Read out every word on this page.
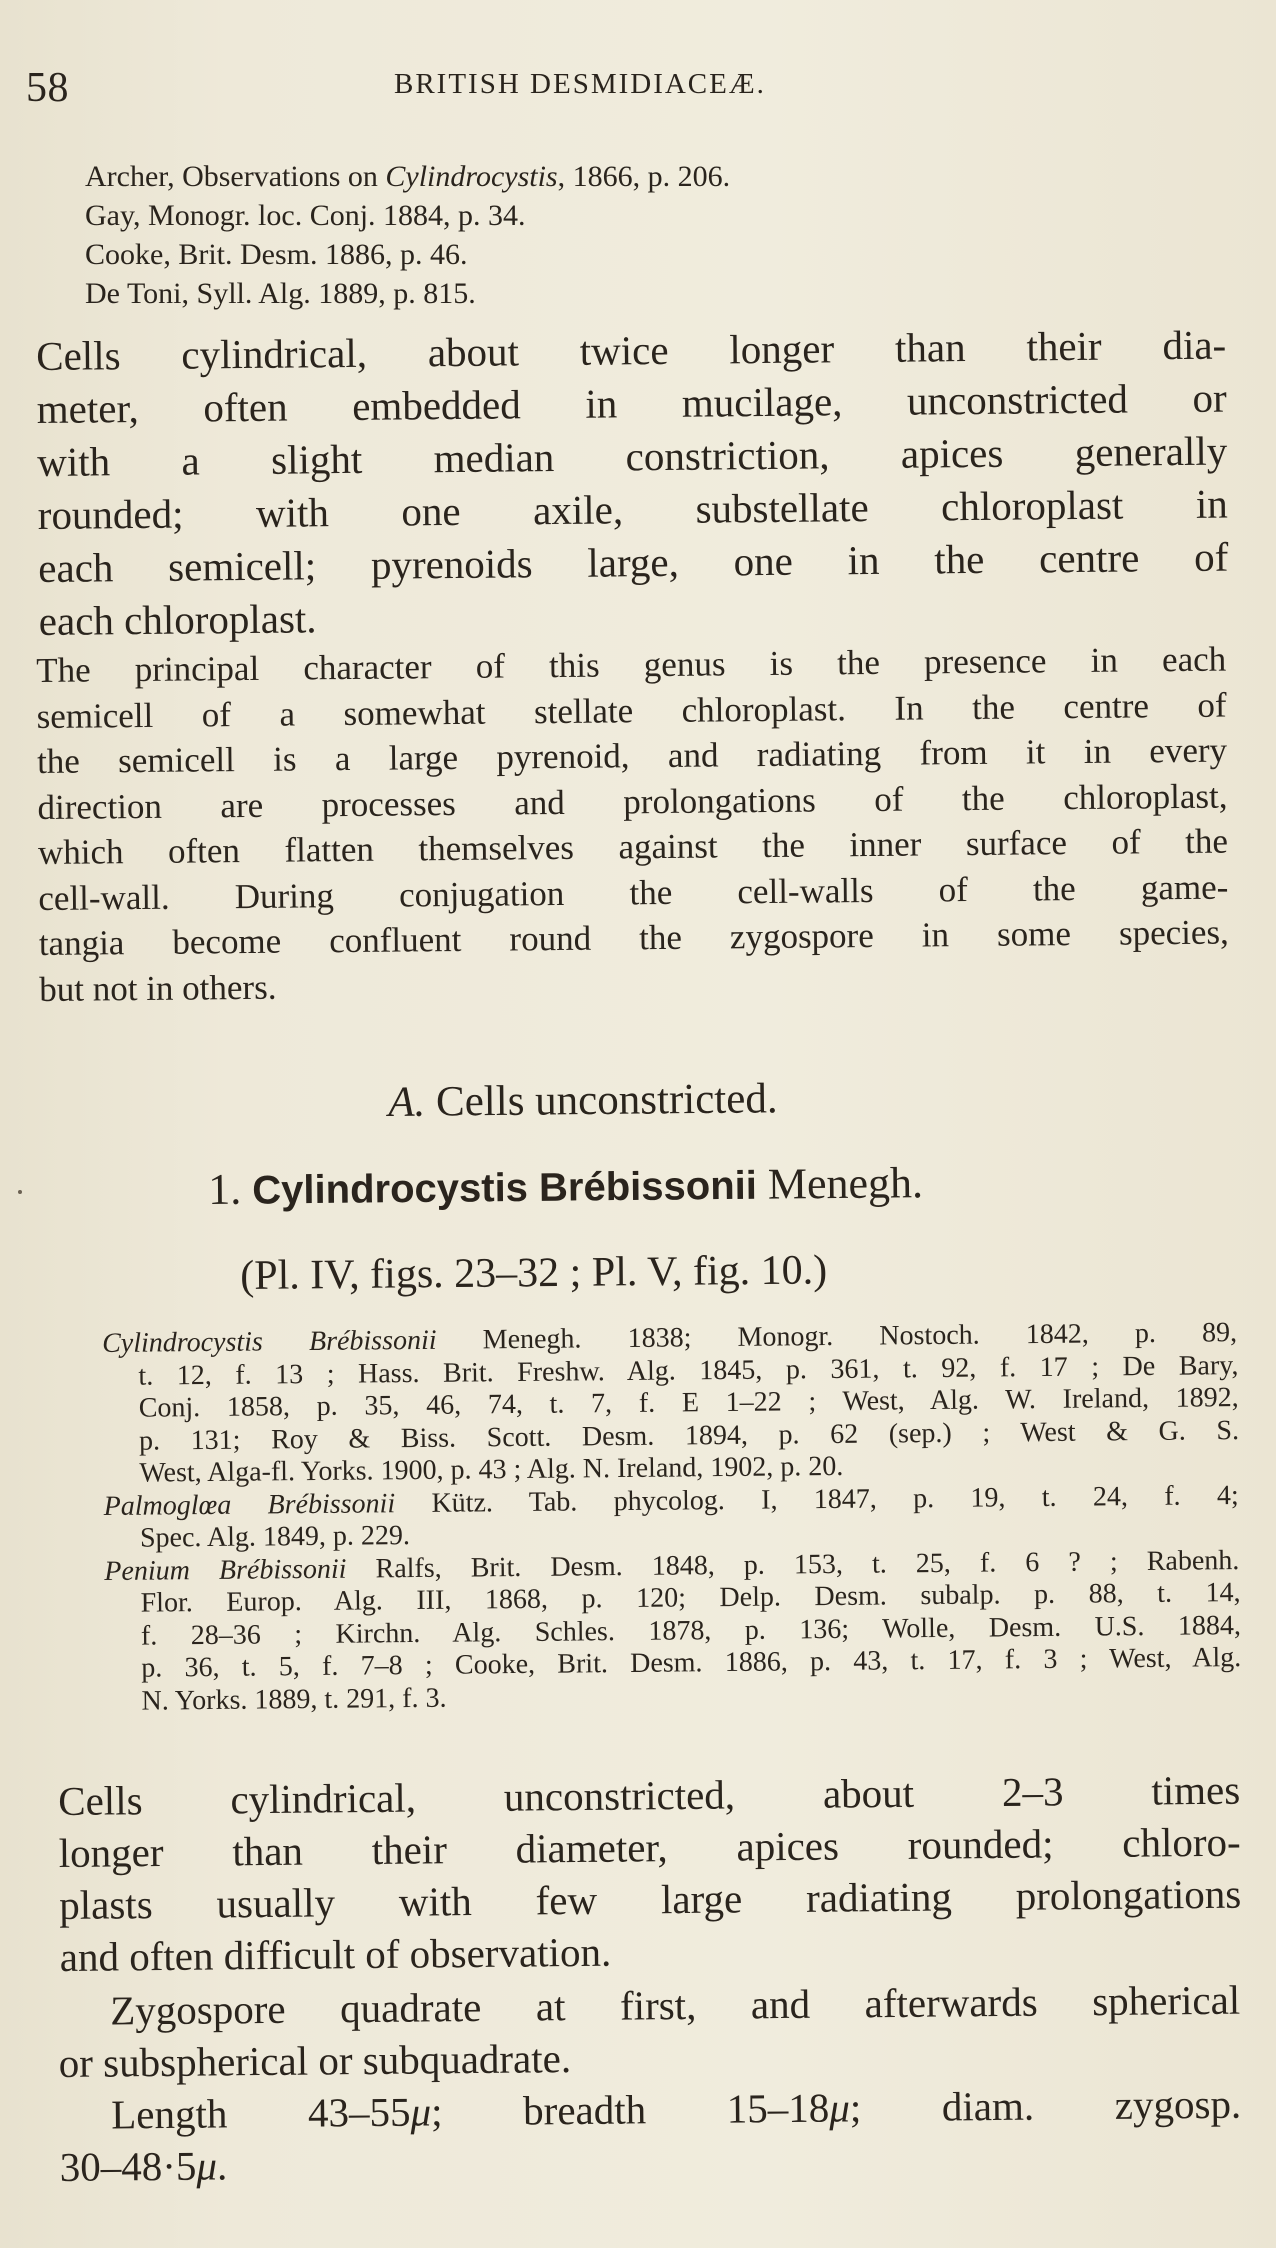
58	BRITISH DESMIDIACEÆ.
Archer, Observations on Cylindrocystis, 1866, p. 206.
Gay, Monogr. loc. Conj. 1884, p. 34.
Cooke, Brit. Desm. 1886, p. 46.
De Toni, Syll. Alg. 1889, p. 815.
Cells cylindrical, about twice longer than their dia-
meter, often embedded in mucilage, unconstricted or
with a slight median constriction, apices generally
rounded; with one axile, substellate chloroplast in
each semicell; pyrenoids large, one in the centre of
each chloroplast.
The principal character of this genus is the presence in each
semicell of a somewhat stellate chloroplast. In the centre of
the semicell is a large pyrenoid, and radiating from it in every
direction are processes and prolongations of the chloroplast,
which often flatten themselves against the inner surface of the
cell-wall. During conjugation the cell-walls of the game-
tangia become confluent round the zygospore in some species,
but not in others.
A. Cells unconstricted.
1. Cylindrocystis Brébissonii Menegh.
(Pl. IV, figs. 23–32 ; Pl. V, fig. 10.)
Cylindrocystis Brébissonii Menegh. 1838; Monogr. Nostoch. 1842, p. 89,
t. 12, f. 13 ; Hass. Brit. Freshw. Alg. 1845, p. 361, t. 92, f. 17 ; De Bary,
Conj. 1858, p. 35, 46, 74, t. 7, f. E 1–22 ; West, Alg. W. Ireland, 1892,
p. 131; Roy & Biss. Scott. Desm. 1894, p. 62 (sep.) ; West & G. S.
West, Alga-fl. Yorks. 1900, p. 43 ; Alg. N. Ireland, 1902, p. 20.
Palmoglœa Brébissonii Kütz. Tab. phycolog. I, 1847, p. 19, t. 24, f. 4;
Spec. Alg. 1849, p. 229.
Penium Brébissonii Ralfs, Brit. Desm. 1848, p. 153, t. 25, f. 6 ? ; Rabenh.
Flor. Europ. Alg. III, 1868, p. 120; Delp. Desm. subalp. p. 88, t. 14,
f. 28–36 ; Kirchn. Alg. Schles. 1878, p. 136; Wolle, Desm. U.S. 1884,
p. 36, t. 5, f. 7–8 ; Cooke, Brit. Desm. 1886, p. 43, t. 17, f. 3 ; West, Alg.
N. Yorks. 1889, t. 291, f. 3.
Cells cylindrical, unconstricted, about 2–3 times
longer than their diameter, apices rounded; chloro-
plasts usually with few large radiating prolongations
and often difficult of observation.
Zygospore quadrate at first, and afterwards spherical
or subspherical or subquadrate.
Length 43–55μ; breadth 15–18μ; diam. zygosp.
30–48·5μ.
